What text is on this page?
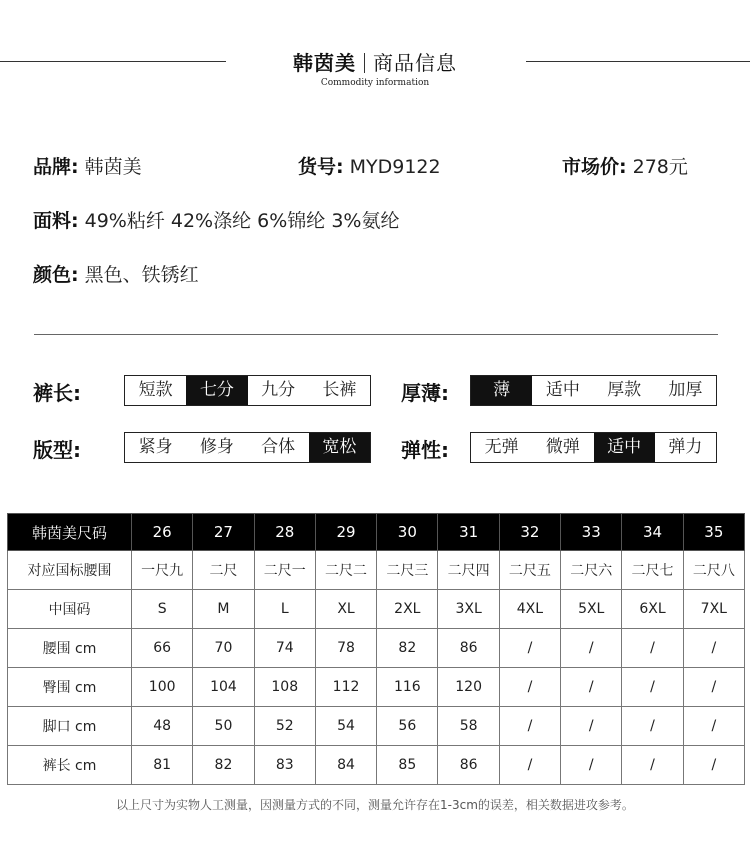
韩茵美 商品信息
Commodity information
品牌: 韩茵美	货号: MYD9122	市场价: 278元
面料: 49%粘纤 42%涤纶 6%锦纶 3%氨纶
颜色: 黑色、铁锈红
裤长:	短款	七分	九分	长裤	厚薄:	薄	适中	厚款	加厚
版型:	紧身	修身	合体	宽松	弹性:	无弹	微弹	适中	弹力
韩茵美尺码	26	27	28	29	30	31	32	33	34	35
对应国标腰围	一尺九	二尺	二尺一	二尺二	二尺三	二尺四	二尺五	二尺六	二尺七	二尺八
中国码	S	M	L	XL	2XL	3XL	4XL	5XL	6XL	7XL
腰围 cm	66	70	74	78	82	86	/	/	/	/
臀围 cm	100	104	108	112	116	120	/	/	/	/
脚口 cm	48	50	52	54	56	58	/	/	/	/
裤长 cm	81	82	83	84	85	86	/	/	/	/
以上尺寸为实物人工测量，因测量方式的不同，测量允许存在1-3cm的误差，相关数据进攻参考。
